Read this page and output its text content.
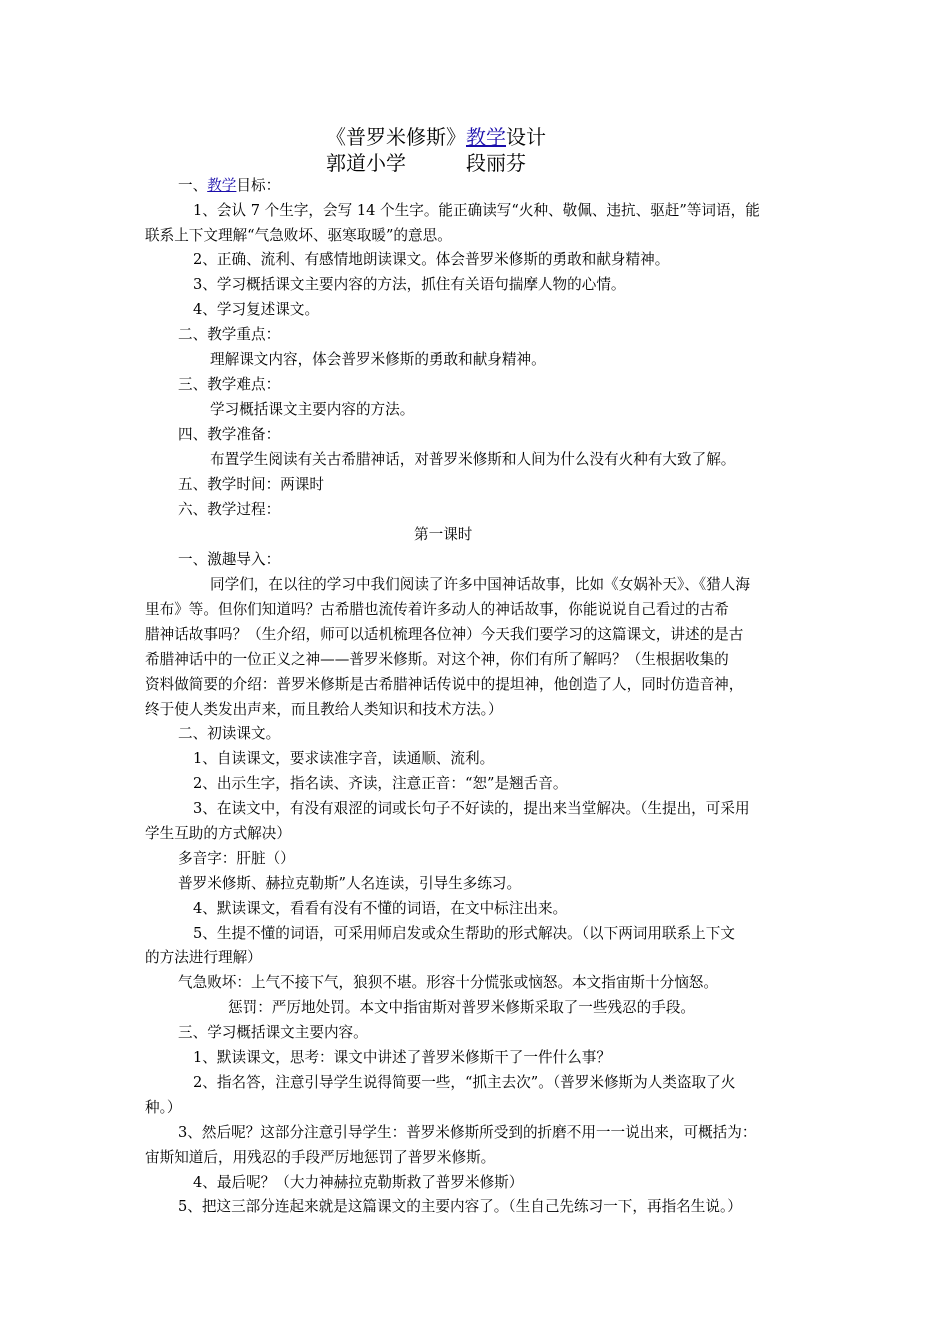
《普罗米修斯》教学设计
郭道小学	段丽芬
一、教学目标：
1、会认 7 个生字，会写 14 个生字。能正确读写“火种、敬佩、违抗、驱赶”等词语，能
联系上下文理解“气急败坏、驱寒取暖”的意思。
2、正确、流利、有感情地朗读课文。体会普罗米修斯的勇敢和献身精神。
3、学习概括课文主要内容的方法，抓住有关语句揣摩人物的心情。
4、学习复述课文。
二、教学重点：
理解课文内容，体会普罗米修斯的勇敢和献身精神。
三、教学难点：
学习概括课文主要内容的方法。
四、教学准备：
布置学生阅读有关古希腊神话，对普罗米修斯和人间为什么没有火种有大致了解。
五、教学时间：两课时
六、教学过程：
第一课时
一、激趣导入：
同学们，在以往的学习中我们阅读了许多中国神话故事，比如《女娲补天》、《猎人海
里布》等。但你们知道吗？古希腊也流传着许多动人的神话故事，你能说说自己看过的古希
腊神话故事吗？（生介绍，师可以适机梳理各位神）今天我们要学习的这篇课文，讲述的是古
希腊神话中的一位正义之神——普罗米修斯。对这个神，你们有所了解吗？（生根据收集的
资料做简要的介绍：普罗米修斯是古希腊神话传说中的提坦神，他创造了人，同时仿造音神，
终于使人类发出声来，而且教给人类知识和技术方法。）
二、初读课文。
1、自读课文，要求读准字音，读通顺、流利。
2、出示生字，指名读、齐读，注意正音：“恕”是翘舌音。
3、在读文中，有没有艰涩的词或长句子不好读的，提出来当堂解决。（生提出，可采用
学生互助的方式解决）
多音字：肝脏（）
普罗米修斯、赫拉克勒斯”人名连读，引导生多练习。
4、默读课文，看看有没有不懂的词语，在文中标注出来。
5、生提不懂的词语，可采用师启发或众生帮助的形式解决。（以下两词用联系上下文
的方法进行理解）
气急败坏：上气不接下气，狼狈不堪。形容十分慌张或恼怒。本文指宙斯十分恼怒。
惩罚：严厉地处罚。本文中指宙斯对普罗米修斯采取了一些残忍的手段。
三、学习概括课文主要内容。
1、默读课文，思考：课文中讲述了普罗米修斯干了一件什么事？
2、指名答，注意引导学生说得简要一些，“抓主去次”。（普罗米修斯为人类盗取了火
种。）
3、然后呢？这部分注意引导学生：普罗米修斯所受到的折磨不用一一说出来，可概括为：
宙斯知道后，用残忍的手段严厉地惩罚了普罗米修斯。
4、最后呢？（大力神赫拉克勒斯救了普罗米修斯）
5、把这三部分连起来就是这篇课文的主要内容了。（生自己先练习一下，再指名生说。）
